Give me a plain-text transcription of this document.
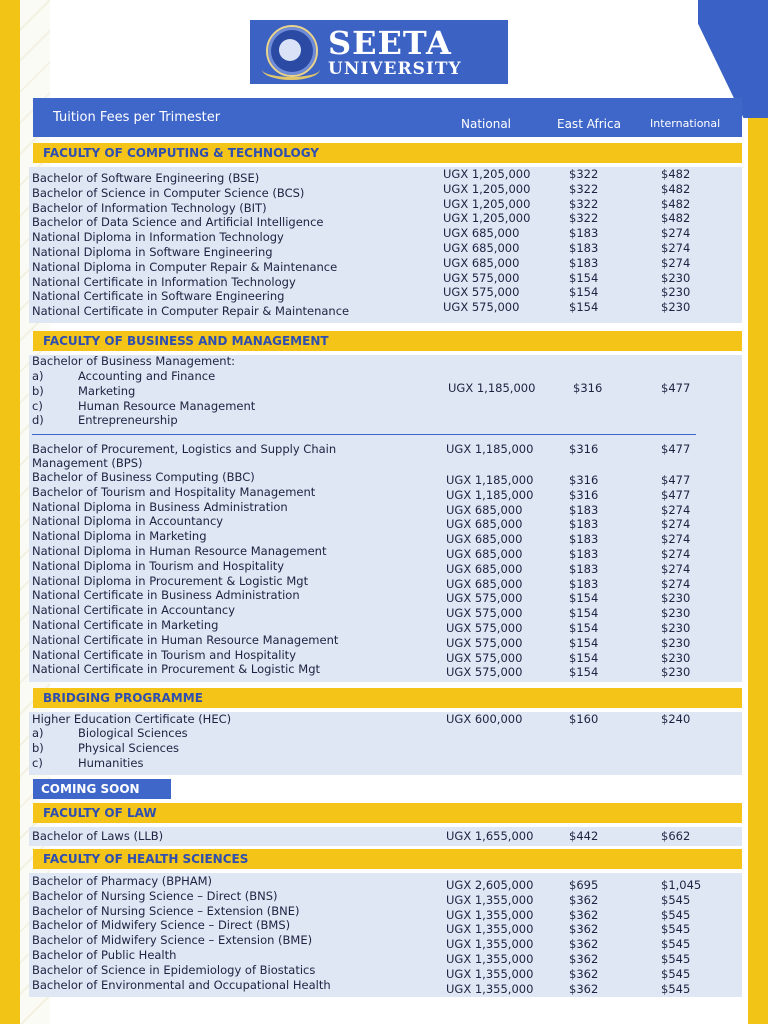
SEETA
UNIVERSITY
Tuition Fees per Trimester	National	East Africa	International
FACULTY OF COMPUTING & TECHNOLOGY
FACULTY OF BUSINESS AND MANAGEMENT
BRIDGING PROGRAMME
COMING SOON
FACULTY OF LAW
FACULTY OF HEALTH SCIENCES
Bachelor of Software Engineering (BSE)	UGX 1,205,000	$322	$482
Bachelor of Science in Computer Science (BCS)	UGX 1,205,000	$322	$482
Bachelor of Information Technology (BIT)	UGX 1,205,000	$322	$482
Bachelor of Data Science and Artificial Intelligence	UGX 1,205,000	$322	$482
National Diploma in Information Technology	UGX 685,000	$183	$274
National Diploma in Software Engineering	UGX 685,000	$183	$274
National Diploma in Computer Repair & Maintenance	UGX 685,000	$183	$274
National Certificate in Information Technology	UGX 575,000	$154	$230
National Certificate in Software Engineering	UGX 575,000	$154	$230
National Certificate in Computer Repair & Maintenance	UGX 575,000	$154	$230
Bachelor of Business Management:
a)	Accounting and Finance
b)	Marketing
c)	Human Resource Management
d)	Entrepreneurship
UGX 1,185,000	$316	$477
Bachelor of Procurement, Logistics and Supply Chain	UGX 1,185,000	$316	$477
Management (BPS)
Bachelor of Business Computing (BBC)	UGX 1,185,000	$316	$477
Bachelor of Tourism and Hospitality Management	UGX 1,185,000	$316	$477
National Diploma in Business Administration	UGX 685,000	$183	$274
National Diploma in Accountancy	UGX 685,000	$183	$274
National Diploma in Marketing	UGX 685,000	$183	$274
National Diploma in Human Resource Management	UGX 685,000	$183	$274
National Diploma in Tourism and Hospitality	UGX 685,000	$183	$274
National Diploma in Procurement & Logistic Mgt	UGX 685,000	$183	$274
National Certificate in Business Administration	UGX 575,000	$154	$230
National Certificate in Accountancy	UGX 575,000	$154	$230
National Certificate in Marketing	UGX 575,000	$154	$230
National Certificate in Human Resource Management	UGX 575,000	$154	$230
National Certificate in Tourism and Hospitality	UGX 575,000	$154	$230
National Certificate in Procurement & Logistic Mgt	UGX 575,000	$154	$230
Higher Education Certificate (HEC)	UGX 600,000	$160	$240
a)	Biological Sciences
b)	Physical Sciences
c)	Humanities
Bachelor of Laws (LLB)	UGX 1,655,000	$442	$662
Bachelor of Pharmacy (BPHAM)	UGX 2,605,000	$695	$1,045
Bachelor of Nursing Science – Direct (BNS)	UGX 1,355,000	$362	$545
Bachelor of Nursing Science – Extension (BNE)	UGX 1,355,000	$362	$545
Bachelor of Midwifery Science – Direct (BMS)	UGX 1,355,000	$362	$545
Bachelor of Midwifery Science – Extension (BME)	UGX 1,355,000	$362	$545
Bachelor of Public Health	UGX 1,355,000	$362	$545
Bachelor of Science in Epidemiology of Biostatics	UGX 1,355,000	$362	$545
Bachelor of Environmental and Occupational Health	UGX 1,355,000	$362	$545
